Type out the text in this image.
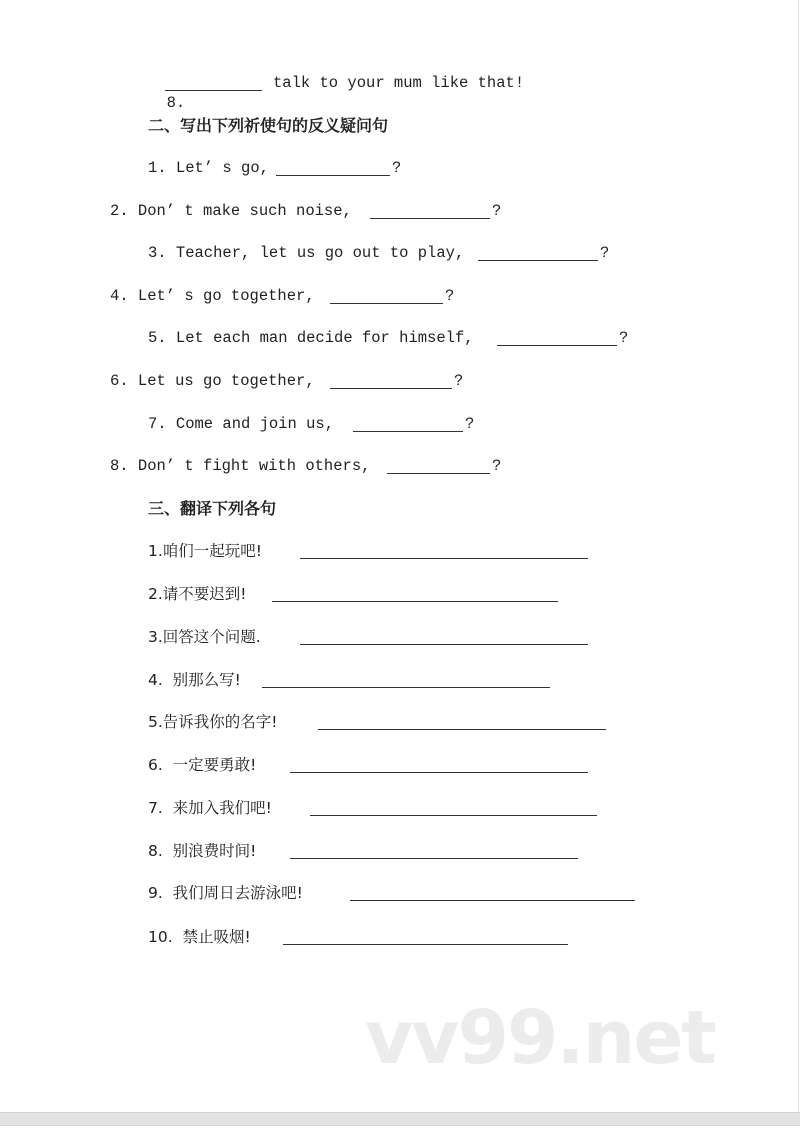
8.

talk to your mum like that!

二、写出下列祈使句的反义疑问句
1. Let’ s go,	?
2. Don’ t make such noise,	?
3. Teacher, let us go out to play,	?
4. Let’ s go together,	?
5. Let each man decide for himself,	?
6. Let us go together,	?
7. Come and join us,	?
8. Don’ t fight with others,	?
三、翻译下列各句
1.咱们一起玩吧!
2.请不要迟到!
3.回答这个问题.
4.  别那么写!
5.告诉我你的名字!
6.  一定要勇敢!
7.  来加入我们吧!
8.  别浪费时间!
9.  我们周日去游泳吧!
10.  禁止吸烟!
vv99.net
